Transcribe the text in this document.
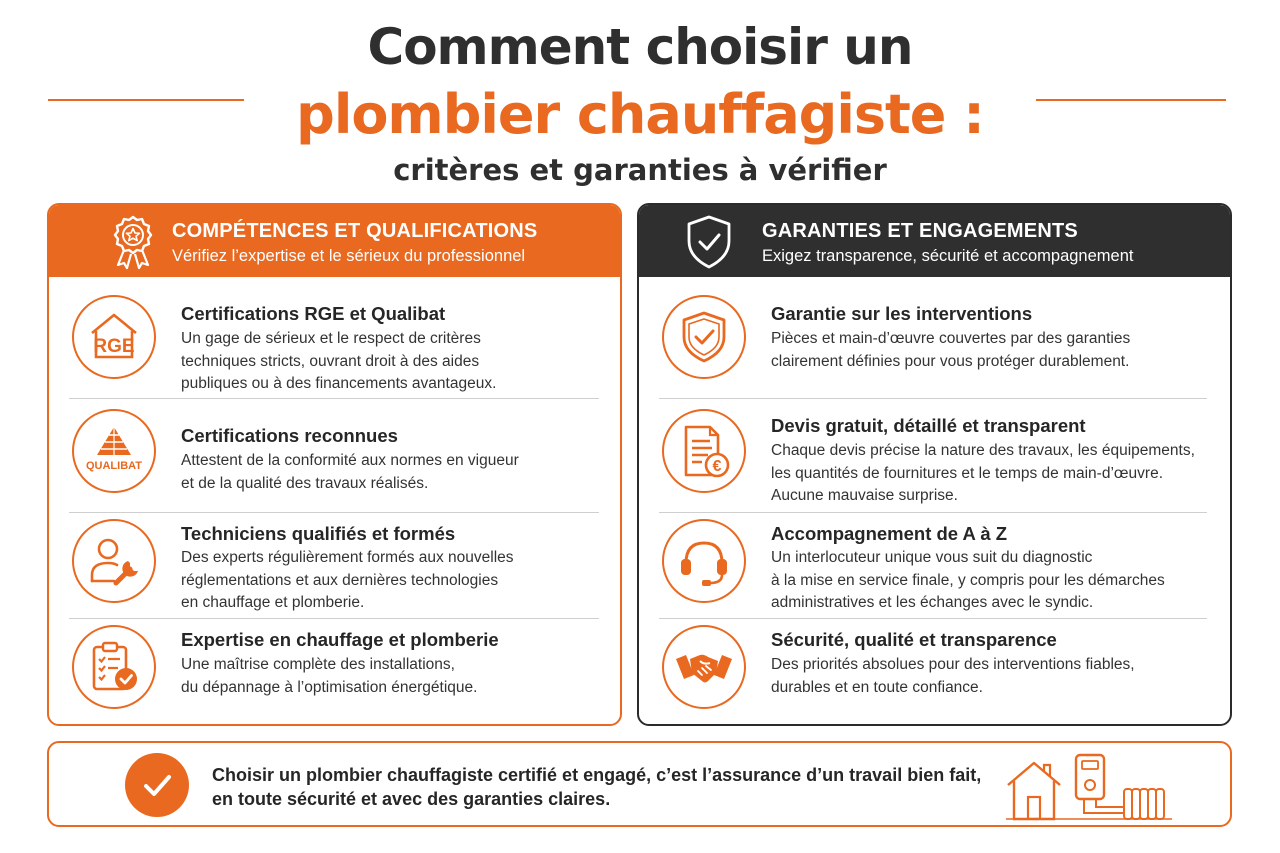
Comment choisir un
plombier chauffagiste :
critères et garanties à vérifier
COMPÉTENCES ET QUALIFICATIONS
Vérifiez l’expertise et le sérieux du professionnel
RGE
Certifications RGE et Qualibat
Un gage de sérieux et le respect de critères
techniques stricts, ouvrant droit à des aides
publiques ou à des financements avantageux.
QUALIBAT
Certifications reconnues
Attestent de la conformité aux normes en vigueur
et de la qualité des travaux réalisés.
Techniciens qualifiés et formés
Des experts régulièrement formés aux nouvelles
réglementations et aux dernières technologies
en chauffage et plomberie.
Expertise en chauffage et plomberie
Une maîtrise complète des installations,
du dépannage à l’optimisation énergétique.
GARANTIES ET ENGAGEMENTS
Exigez transparence, sécurité et accompagnement
Garantie sur les interventions
Pièces et main-d’œuvre couvertes par des garanties
clairement définies pour vous protéger durablement.
€
Devis gratuit, détaillé et transparent
Chaque devis précise la nature des travaux, les équipements,
les quantités de fournitures et le temps de main-d’œuvre.
Aucune mauvaise surprise.
Accompagnement de A à Z
Un interlocuteur unique vous suit du diagnostic
à la mise en service finale, y compris pour les démarches
administratives et les échanges avec le syndic.
Sécurité, qualité et transparence
Des priorités absolues pour des interventions fiables,
durables et en toute confiance.
Choisir un plombier chauffagiste certifié et engagé, c’est l’assurance d’un travail bien fait,
en toute sécurité et avec des garanties claires.
